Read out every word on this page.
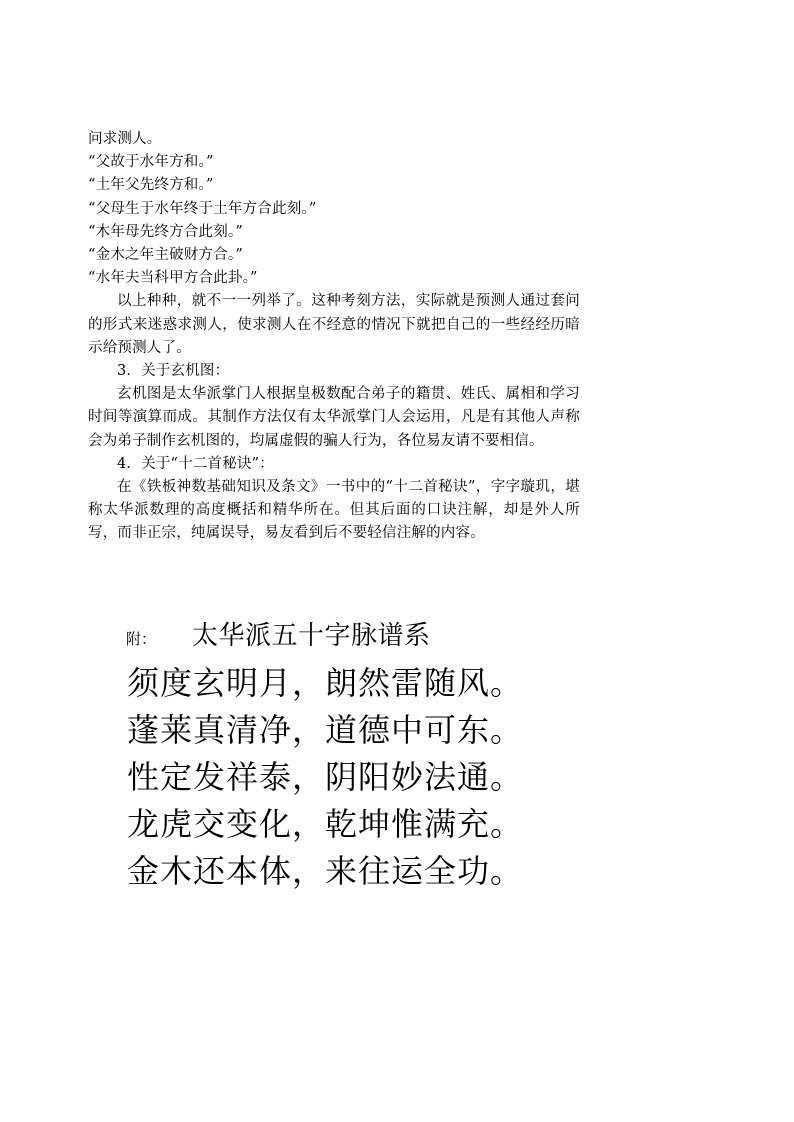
问求测人。

“父故于水年方和。”

“土年父先终方和。”

“父母生于水年终于土年方合此刻。”

“木年母先终方合此刻。”

“金木之年主破财方合。”

“水年夫当科甲方合此卦。”

以上种种，就不一一列举了。这种考刻方法，实际就是预测人通过套问的形式来迷惑求测人，使求测人在不经意的情况下就把自己的一些经经历暗示给预测人了。

3．关于玄机图：

玄机图是太华派掌门人根据皇极数配合弟子的籍贯、姓氏、属相和学习时间等演算而成。其制作方法仅有太华派掌门人会运用，凡是有其他人声称会为弟子制作玄机图的，均属虚假的骗人行为，各位易友请不要相信。

4．关于“十二首秘诀”：

在《铁板神数基础知识及条文》一书中的“十二首秘诀”，字字璇玑，堪称太华派数理的高度概括和精华所在。但其后面的口诀注解，却是外人所写，而非正宗，纯属误导，易友看到后不要轻信注解的内容。

附： 太华派五十字脉谱系
须度玄明月，朗然雷随风。
蓬莱真清净，道德中可东。
性定发祥泰，阴阳妙法通。
龙虎交变化，乾坤惟满充。
金木还本体，来往运全功。
